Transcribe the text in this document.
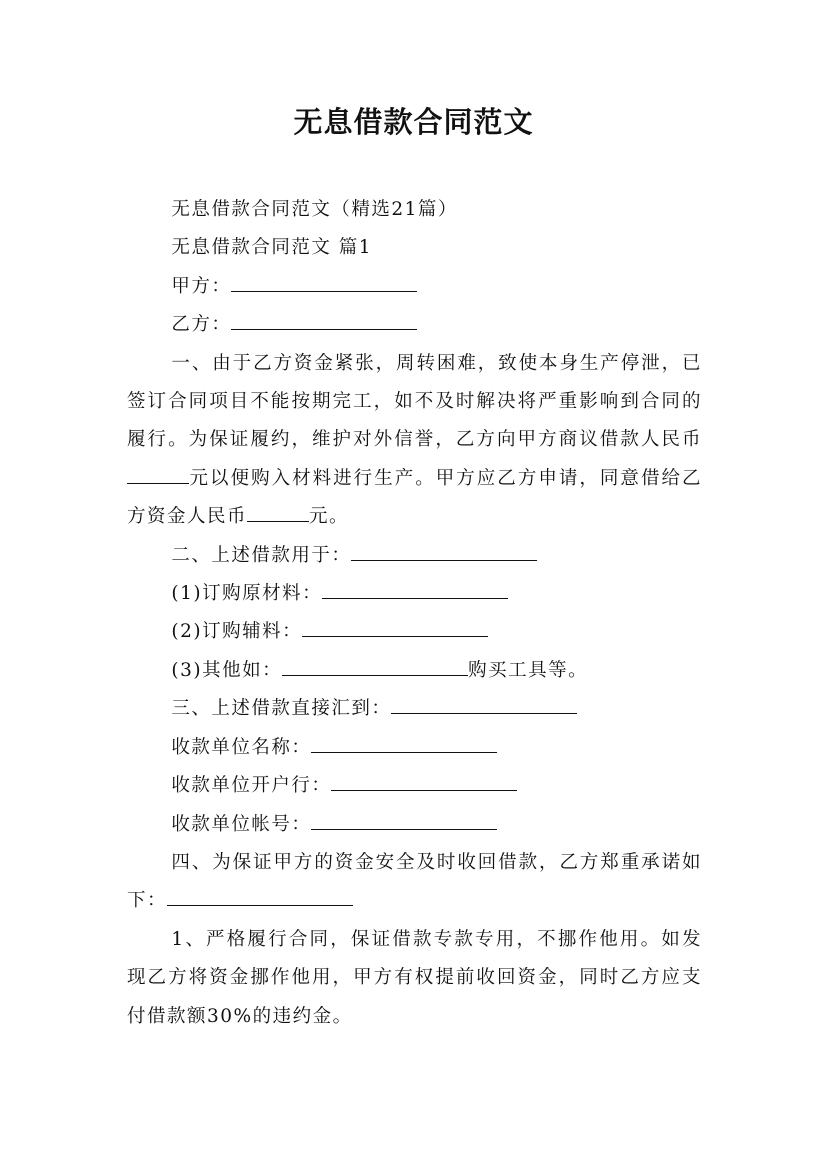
无息借款合同范文

无息借款合同范文（精选21篇）

无息借款合同范文 篇1

甲方：

乙方：

一、由于乙方资金紧张，周转困难，致使本身生产停泄，已签订合同项目不能按期完工，如不及时解决将严重影响到合同的履行。为保证履约，维护对外信誉，乙方向甲方商议借款人民币元以便购入材料进行生产。甲方应乙方申请，同意借给乙方资金人民币	元。

二、上述借款用于：

(1)订购原材料：

(2)订购辅料：

(3)其他如：	购买工具等。

三、上述借款直接汇到：

收款单位名称：

收款单位开户行：

收款单位帐号：

四、为保证甲方的资金安全及时收回借款，乙方郑重承诺如下：

1、严格履行合同，保证借款专款专用，不挪作他用。如发现乙方将资金挪作他用，甲方有权提前收回资金，同时乙方应支付借款额30%的违约金。
